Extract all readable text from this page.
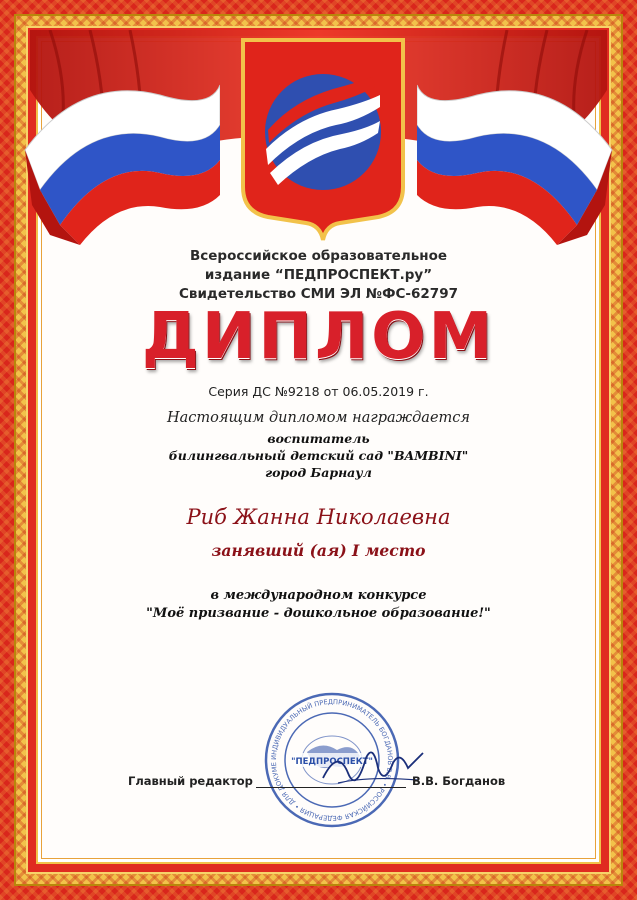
Всероссийское образовательное
издание “ПЕДПРОСПЕКТ.ру”
Свидетельство СМИ ЭЛ №ФС-62797
ДИПЛОМ
Серия ДС №9218 от 06.05.2019 г.
Настоящим дипломом награждается
воспитатель
билингвальный детский сад "BAMBINI"
город Барнаул
Риб Жанна Николаевна
занявший (ая) I место
в международном конкурсе
"Моё призвание - дошкольное образование!"
ИНДИВИДУАЛЬНЫЙ ПРЕДПРИНИМАТЕЛЬ БОГДАНОВ В.В. • РОССИЙСКАЯ ФЕДЕРАЦИЯ • ДЛЯ ДОКУМЕ	"ПЕДПРОСПЕКТ"
Главный редактор	В.В. Богданов
